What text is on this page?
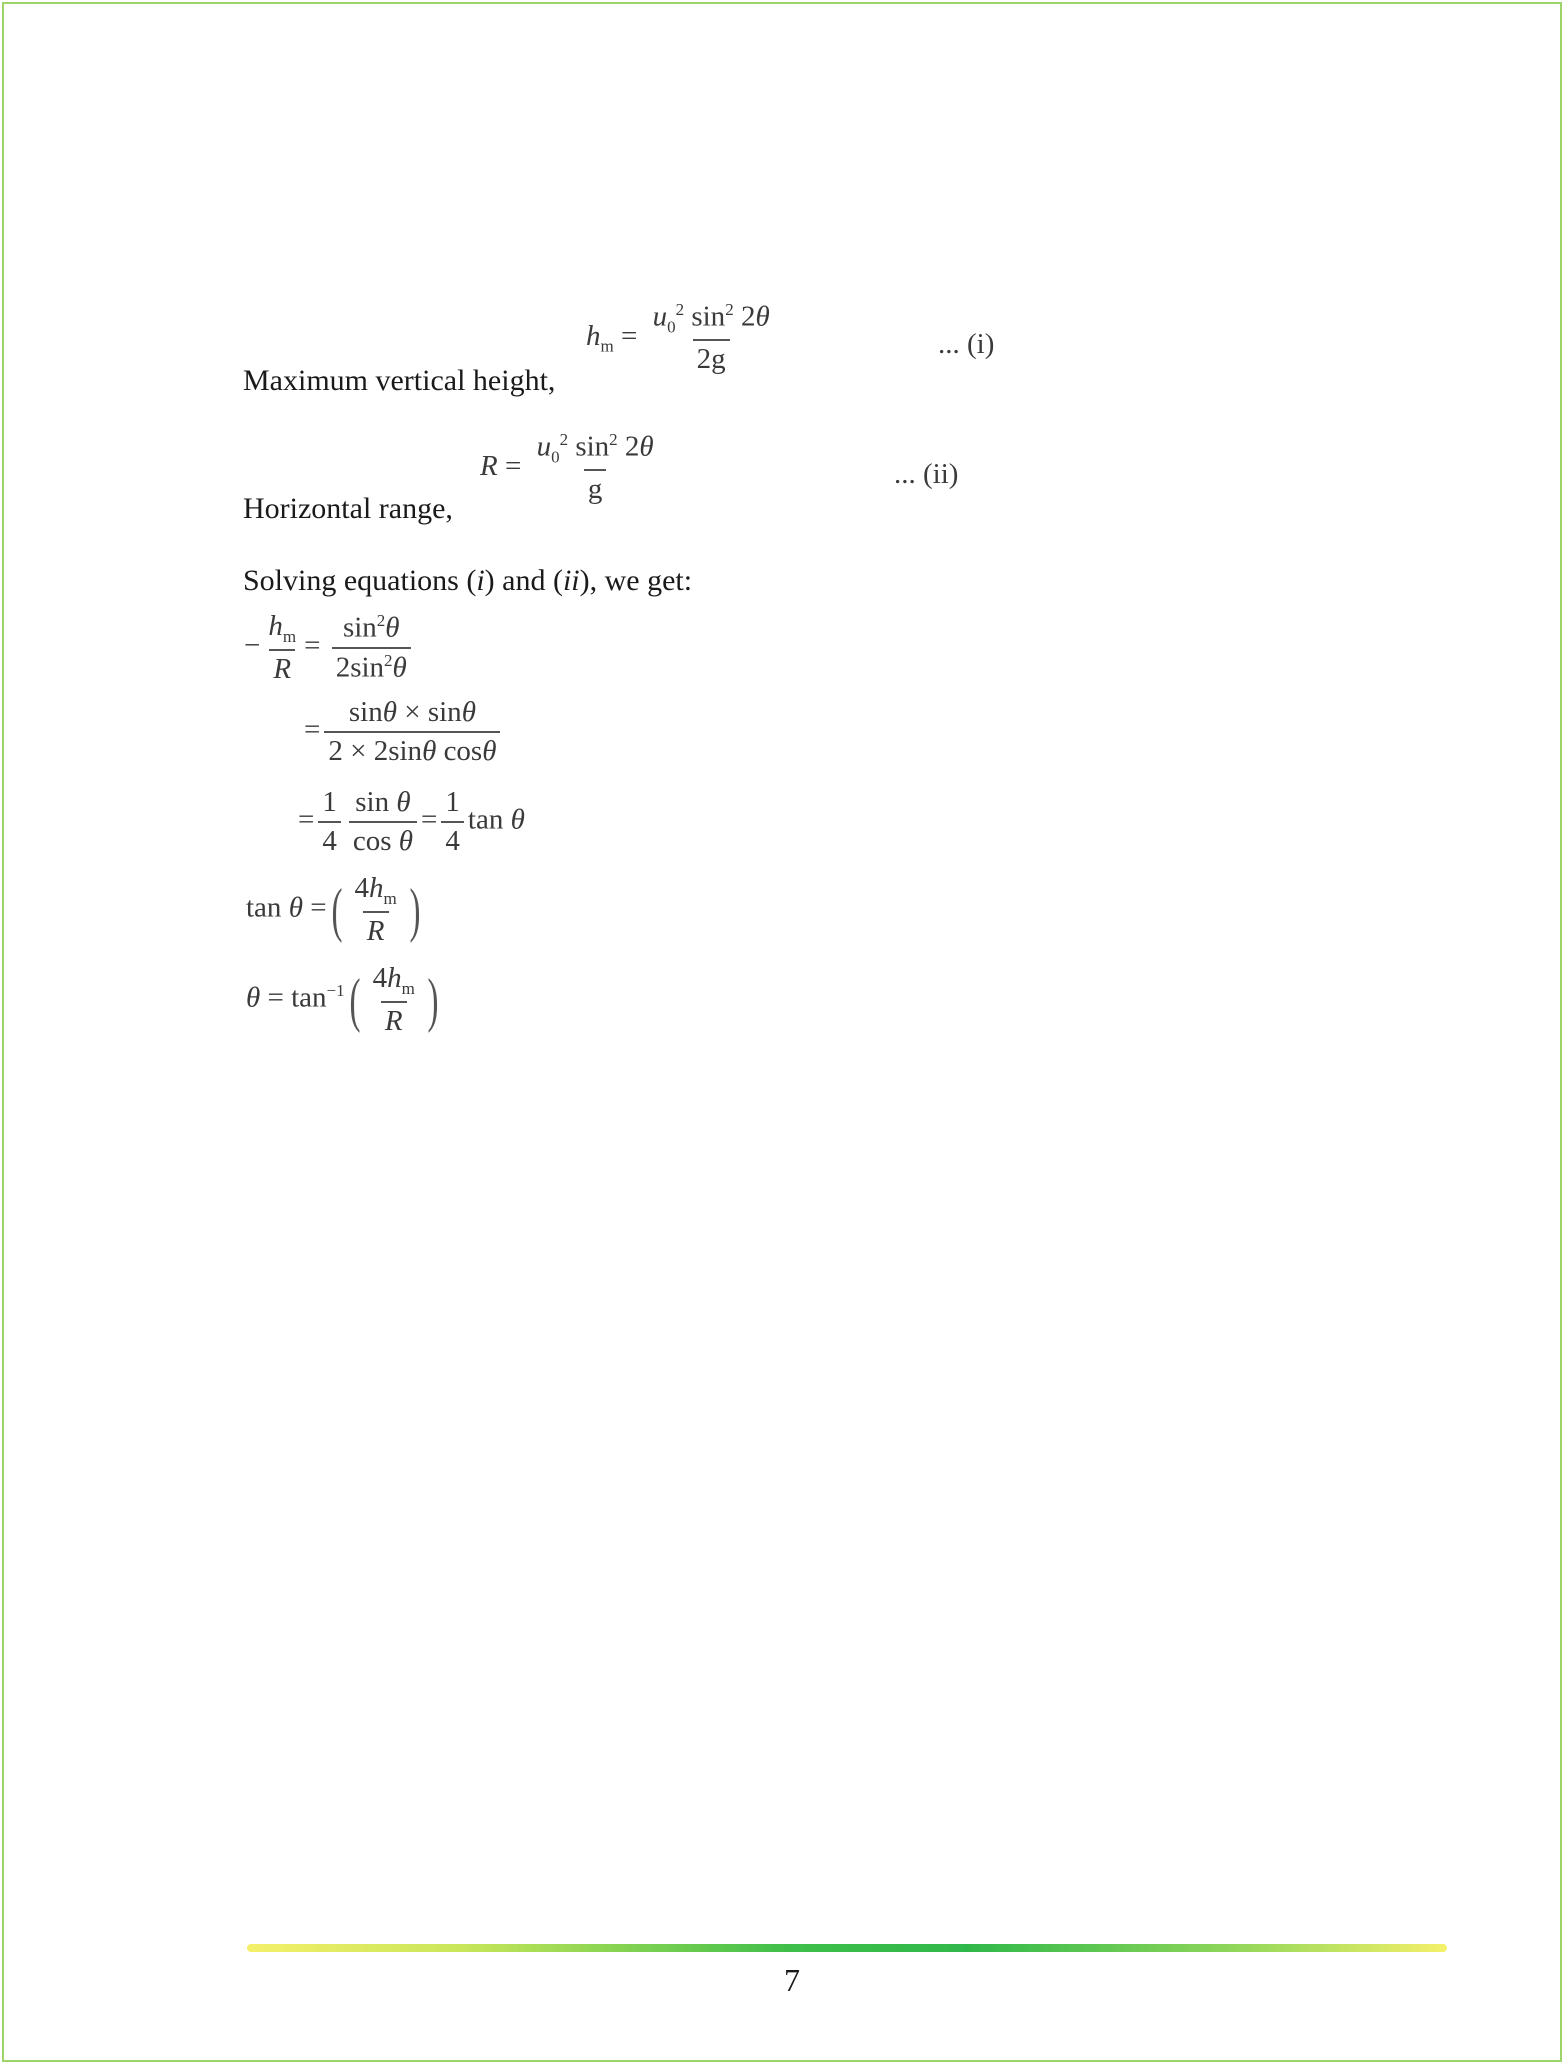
$h_m = \frac{u_0^2 \sin^2 2\theta}{2g}$	... (i)
Maximum vertical height,
$R = \frac{u_0^2 \sin^2 2\theta}{g}$	... (ii)
Horizontal range,
Solving equations (i) and (ii), we get:
− $\frac{h_m}{R} = \frac{\sin^2\theta}{2\sin^2\theta}$
= $\frac{\sin\theta \times \sin\theta}{\text{2 × 2sinθ cosθ}}$
= $\frac{1}{4} \frac{\text{sin θ}}{\text{cos θ}} = \frac{1}{4}$ tan θ
tan θ =( $\frac{4h_m}{R}$ )
$\theta = \tan^{-1}( \frac{4h_m}{R}$ )
7
